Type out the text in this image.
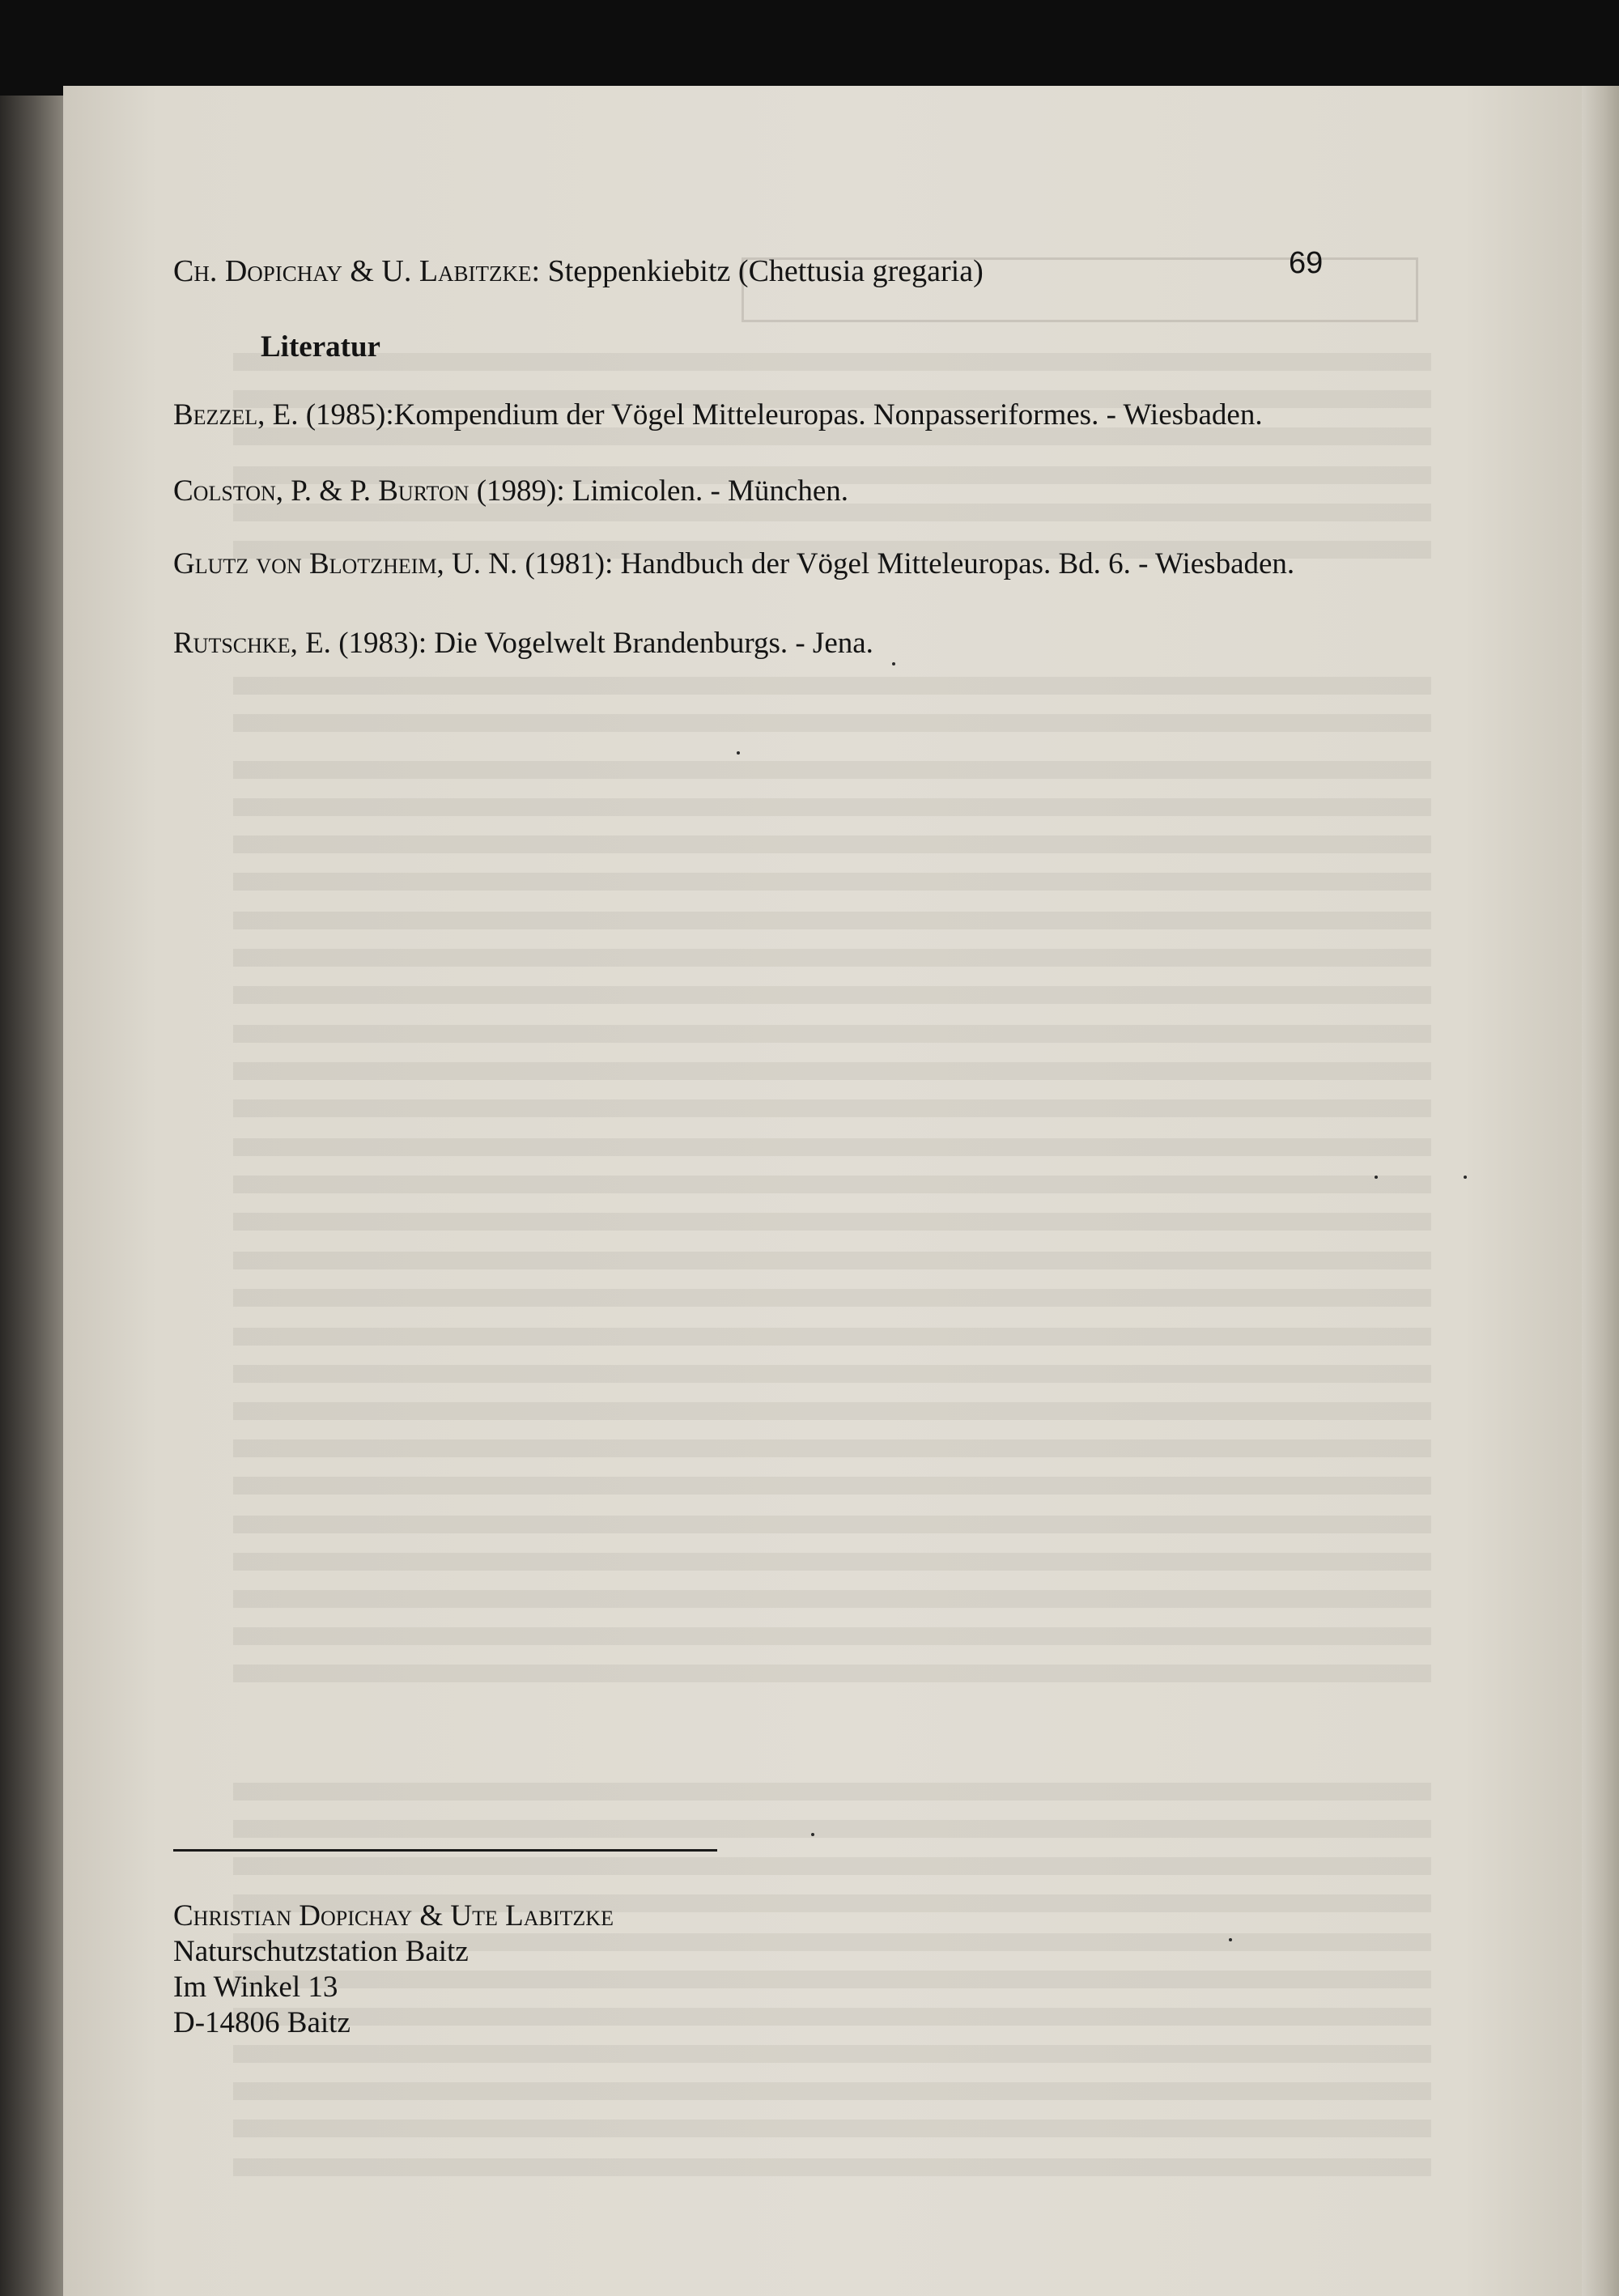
Ch. Dopichay & U. Labitzke: Steppenkiebitz (Chettusia gregaria)	69
Literatur
Bezzel, E. (1985):Kompendium der Vögel Mitteleuropas. Nonpasseriformes. - Wiesbaden.
Colston, P. & P. Burton (1989): Limicolen. - München.
Glutz von Blotzheim, U. N. (1981): Handbuch der Vögel Mitteleuropas. Bd. 6. - Wiesbaden.
Rutschke, E. (1983): Die Vogelwelt Brandenburgs. - Jena.
Christian Dopichay & Ute Labitzke
Naturschutzstation Baitz
Im Winkel 13
D-14806 Baitz
